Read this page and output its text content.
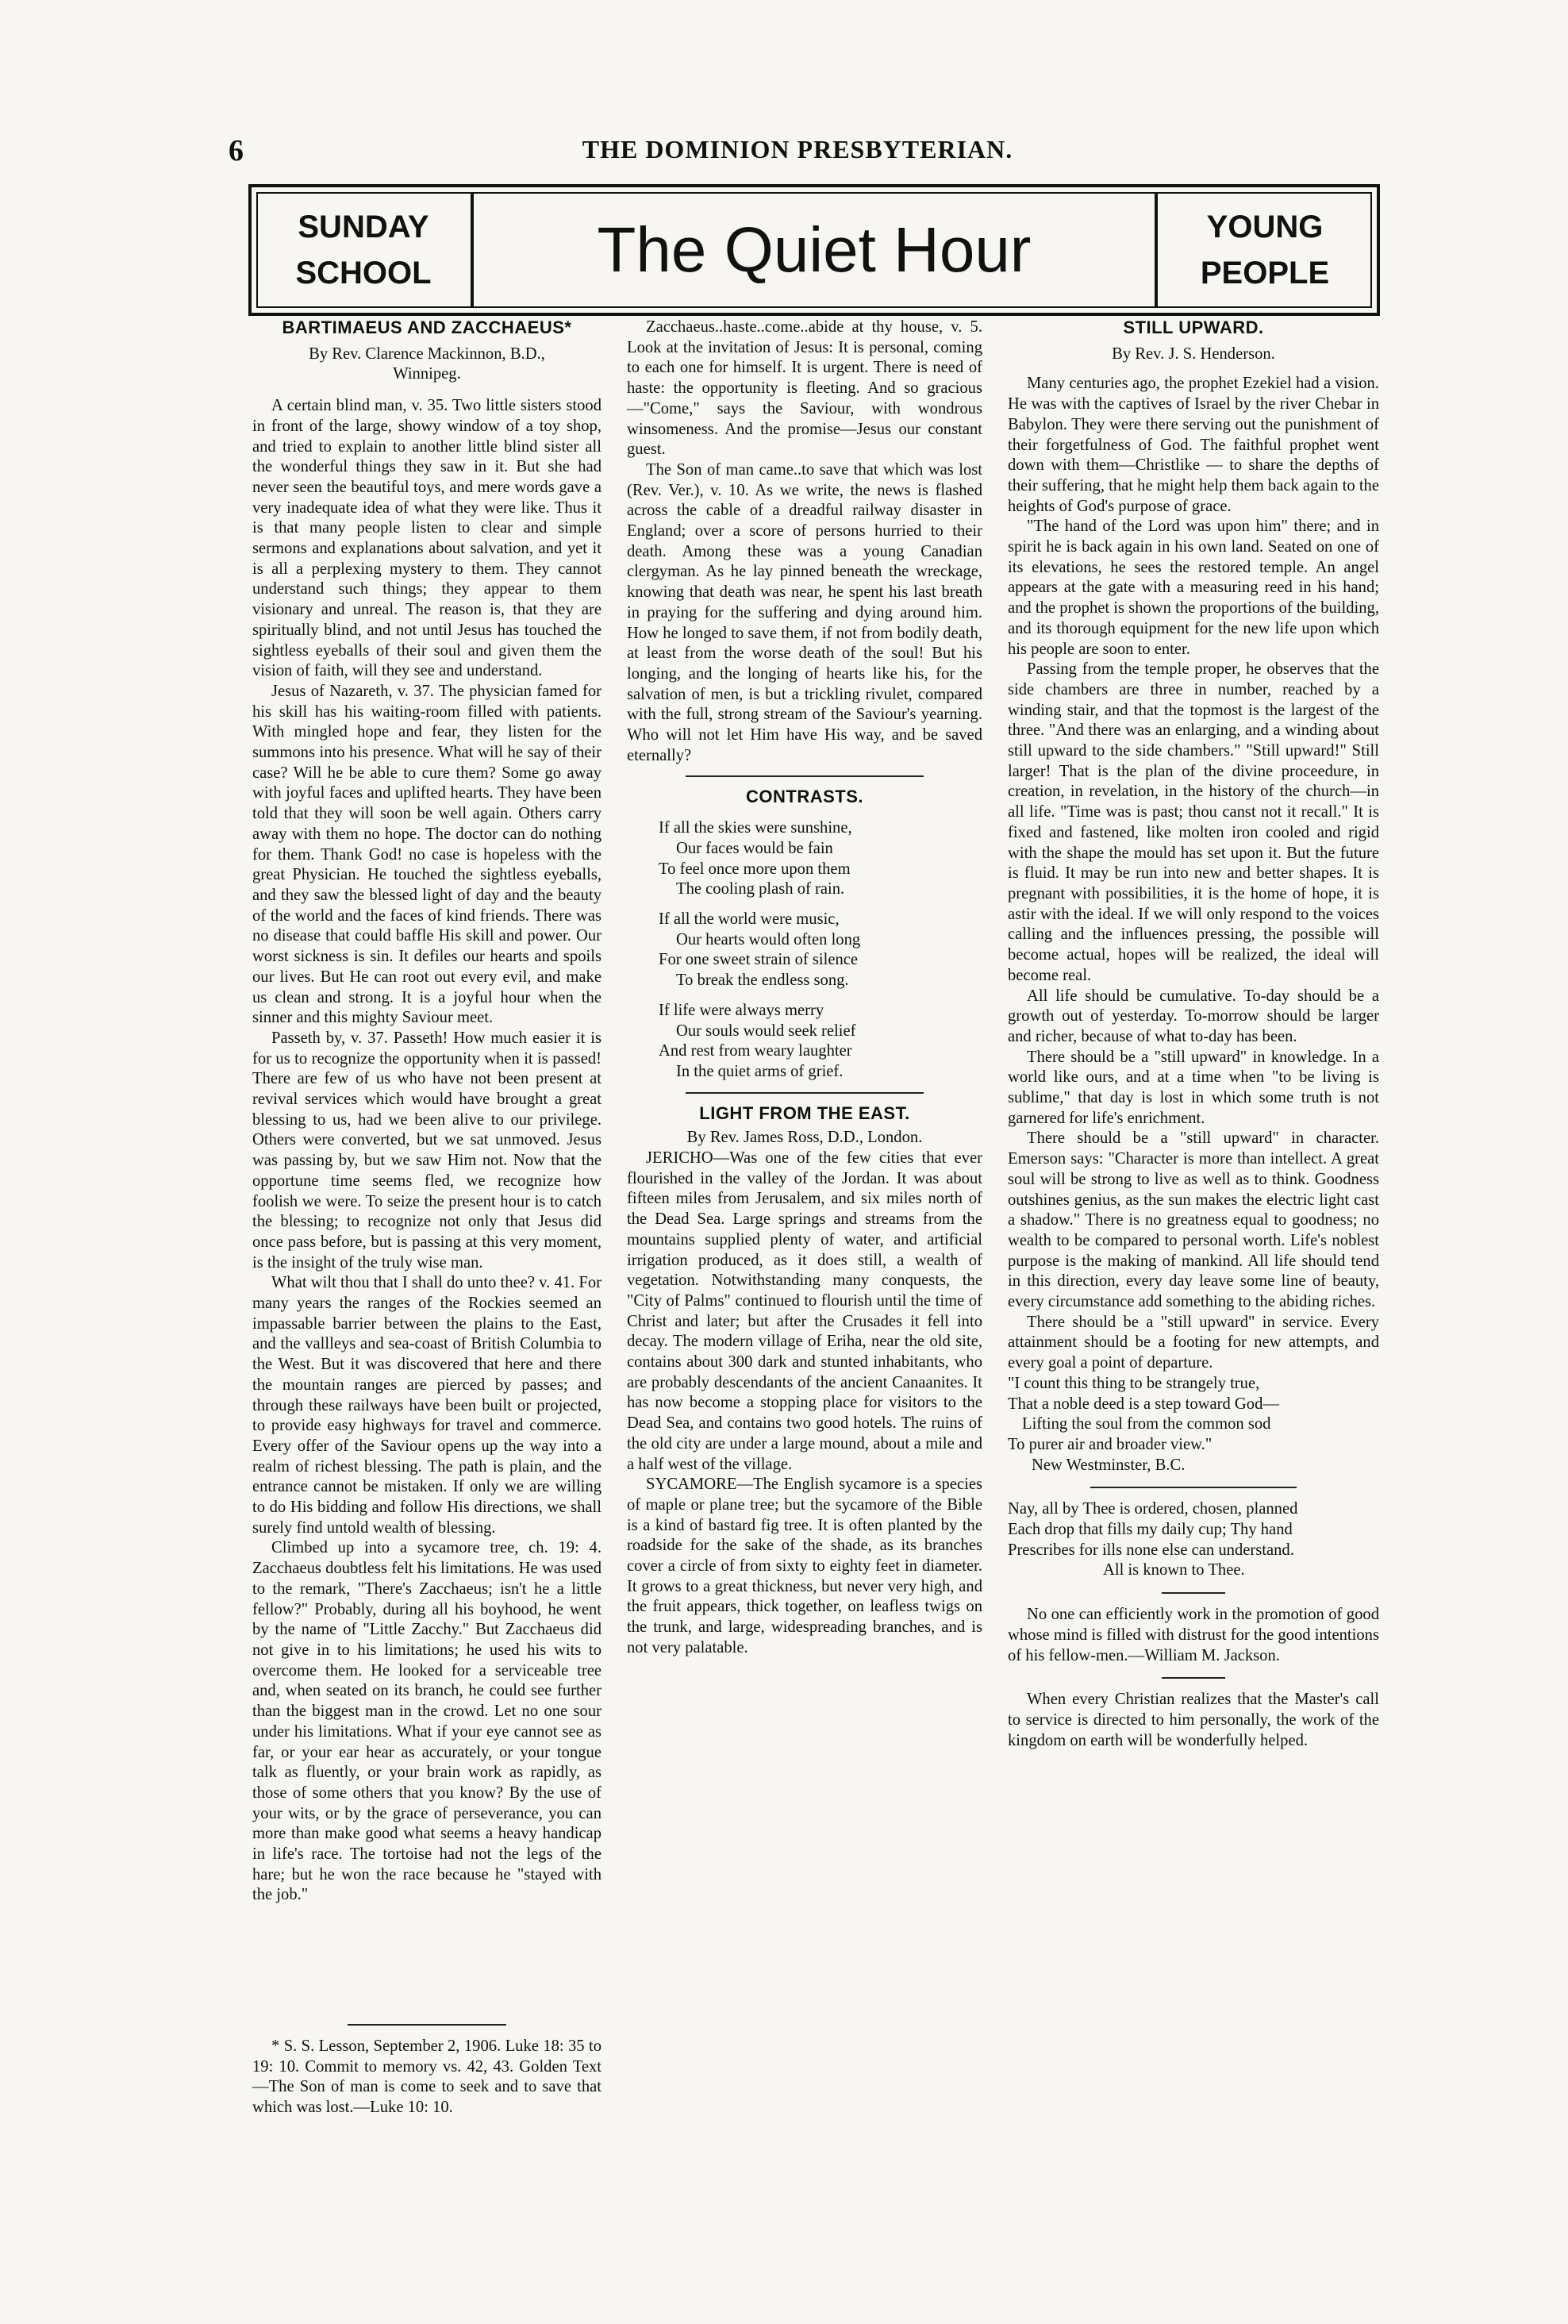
6	THE DOMINION PRESBYTERIAN.
SUNDAY
SCHOOL	The Quiet Hour	YOUNG
PEOPLE
BARTIMAEUS AND ZACCHAEUS*

By Rev. Clarence Mackinnon, B.D.,

Winnipeg.

A certain blind man, v. 35. Two little sisters stood in front of the large, showy window of a toy shop, and tried to explain to another little blind sister all the wonderful things they saw in it. But she had never seen the beautiful toys, and mere words gave a very inadequate idea of what they were like. Thus it is that many people listen to clear and simple sermons and explanations about salvation, and yet it is all a perplexing mystery to them. They cannot understand such things; they appear to them visionary and unreal. The reason is, that they are spiritually blind, and not until Jesus has touched the sightless eyeballs of their soul and given them the vision of faith, will they see and understand.

Jesus of Nazareth, v. 37. The physician famed for his skill has his waiting-room filled with patients. With mingled hope and fear, they listen for the summons into his presence. What will he say of their case? Will he be able to cure them? Some go away with joyful faces and uplifted hearts. They have been told that they will soon be well again. Others carry away with them no hope. The doctor can do nothing for them. Thank God! no case is hopeless with the great Physician. He touched the sightless eyeballs, and they saw the blessed light of day and the beauty of the world and the faces of kind friends. There was no disease that could baffle His skill and power. Our worst sickness is sin. It defiles our hearts and spoils our lives. But He can root out every evil, and make us clean and strong. It is a joyful hour when the sinner and this mighty Saviour meet.

Passeth by, v. 37. Passeth! How much easier it is for us to recognize the opportunity when it is passed! There are few of us who have not been present at revival services which would have brought a great blessing to us, had we been alive to our privilege. Others were converted, but we sat unmoved. Jesus was passing by, but we saw Him not. Now that the opportune time seems fled, we recognize how foolish we were. To seize the present hour is to catch the blessing; to recognize not only that Jesus did once pass before, but is passing at this very moment, is the insight of the truly wise man.

What wilt thou that I shall do unto thee? v. 41. For many years the ranges of the Rockies seemed an impassable barrier between the plains to the East, and the vallleys and sea-coast of British Columbia to the West. But it was discovered that here and there the mountain ranges are pierced by passes; and through these railways have been built or projected, to provide easy highways for travel and commerce. Every offer of the Saviour opens up the way into a realm of richest blessing. The path is plain, and the entrance cannot be mistaken. If only we are willing to do His bidding and follow His directions, we shall surely find untold wealth of blessing.

Climbed up into a sycamore tree, ch. 19: 4. Zacchaeus doubtless felt his limitations. He was used to the remark, "There's Zacchaeus; isn't he a little fellow?" Probably, during all his boyhood, he went by the name of "Little Zacchy." But Zacchaeus did not give in to his limitations; he used his wits to overcome them. He looked for a serviceable tree and, when seated on its branch, he could see further than the biggest man in the crowd. Let no one sour under his limitations. What if your eye cannot see as far, or your ear hear as accurately, or your tongue talk as fluently, or your brain work as rapidly, as those of some others that you know? By the use of your wits, or by the grace of perseverance, you can more than make good what seems a heavy handicap in life's race. The tortoise had not the legs of the hare; but he won the race because he "stayed with the job."

* S. S. Lesson, September 2, 1906. Luke 18: 35 to 19: 10. Commit to memory vs. 42, 43. Golden Text—The Son of man is come to seek and to save that which was lost.—Luke 10: 10.

Zacchaeus..haste..come..abide at thy house, v. 5. Look at the invitation of Jesus: It is personal, coming to each one for himself. It is urgent. There is need of haste: the opportunity is fleeting. And so gracious—"Come," says the Saviour, with wondrous winsomeness. And the promise—Jesus our constant guest.

The Son of man came..to save that which was lost (Rev. Ver.), v. 10. As we write, the news is flashed across the cable of a dreadful railway disaster in England; over a score of persons hurried to their death. Among these was a young Canadian clergyman. As he lay pinned beneath the wreckage, knowing that death was near, he spent his last breath in praying for the suffering and dying around him. How he longed to save them, if not from bodily death, at least from the worse death of the soul! But his longing, and the longing of hearts like his, for the salvation of men, is but a trickling rivulet, compared with the full, strong stream of the Saviour's yearning. Who will not let Him have His way, and be saved eternally?

CONTRASTS.
If all the skies were sunshine,
Our faces would be fain
To feel once more upon them
The cooling plash of rain.
If all the world were music,
Our hearts would often long
For one sweet strain of silence
To break the endless song.
If life were always merry
Our souls would seek relief
And rest from weary laughter
In the quiet arms of grief.
LIGHT FROM THE EAST.

By Rev. James Ross, D.D., London.

JERICHO—Was one of the few cities that ever flourished in the valley of the Jordan. It was about fifteen miles from Jerusalem, and six miles north of the Dead Sea. Large springs and streams from the mountains supplied plenty of water, and artificial irrigation produced, as it does still, a wealth of vegetation. Notwithstanding many conquests, the "City of Palms" continued to flourish until the time of Christ and later; but after the Crusades it fell into decay. The modern village of Eriha, near the old site, contains about 300 dark and stunted inhabitants, who are probably descendants of the ancient Canaanites. It has now become a stopping place for visitors to the Dead Sea, and contains two good hotels. The ruins of the old city are under a large mound, about a mile and a half west of the village.

SYCAMORE—The English sycamore is a species of maple or plane tree; but the sycamore of the Bible is a kind of bastard fig tree. It is often planted by the roadside for the sake of the shade, as its branches cover a circle of from sixty to eighty feet in diameter. It grows to a great thickness, but never very high, and the fruit appears, thick together, on leafless twigs on the trunk, and large, widespreading branches, and is not very palatable.

STILL UPWARD.

By Rev. J. S. Henderson.

Many centuries ago, the prophet Ezekiel had a vision. He was with the captives of Israel by the river Chebar in Babylon. They were there serving out the punishment of their forgetfulness of God. The faithful prophet went down with them—Christlike — to share the depths of their suffering, that he might help them back again to the heights of God's purpose of grace.

"The hand of the Lord was upon him" there; and in spirit he is back again in his own land. Seated on one of its elevations, he sees the restored temple. An angel appears at the gate with a measuring reed in his hand; and the prophet is shown the proportions of the building, and its thorough equipment for the new life upon which his people are soon to enter.

Passing from the temple proper, he observes that the side chambers are three in number, reached by a winding stair, and that the topmost is the largest of the three. "And there was an enlarging, and a winding about still upward to the side chambers." "Still upward!" Still larger! That is the plan of the divine proceedure, in creation, in revelation, in the history of the church—in all life. "Time was is past; thou canst not it recall." It is fixed and fastened, like molten iron cooled and rigid with the shape the mould has set upon it. But the future is fluid. It may be run into new and better shapes. It is pregnant with possibilities, it is the home of hope, it is astir with the ideal. If we will only respond to the voices calling and the influences pressing, the possible will become actual, hopes will be realized, the ideal will become real.

All life should be cumulative. To-day should be a growth out of yesterday. To-morrow should be larger and richer, because of what to-day has been.

There should be a "still upward" in knowledge. In a world like ours, and at a time when "to be living is sublime," that day is lost in which some truth is not garnered for life's enrichment.

There should be a "still upward" in character. Emerson says: "Character is more than intellect. A great soul will be strong to live as well as to think. Goodness outshines genius, as the sun makes the electric light cast a shadow." There is no greatness equal to goodness; no wealth to be compared to personal worth. Life's noblest purpose is the making of mankind. All life should tend in this direction, every day leave some line of beauty, every circumstance add something to the abiding riches.

There should be a "still upward" in service. Every attainment should be a footing for new attempts, and every goal a point of departure.

"I count this thing to be strangely true,
That a noble deed is a step toward God—
Lifting the soul from the common sod
To purer air and broader view."
New Westminster, B.C.
Nay, all by Thee is ordered, chosen, planned
Each drop that fills my daily cup; Thy hand
Prescribes for ills none else can understand.
All is known to Thee.

No one can efficiently work in the promotion of good whose mind is filled with distrust for the good intentions of his fellow-men.—William M. Jackson.

When every Christian realizes that the Master's call to service is directed to him personally, the work of the kingdom on earth will be wonderfully helped.
